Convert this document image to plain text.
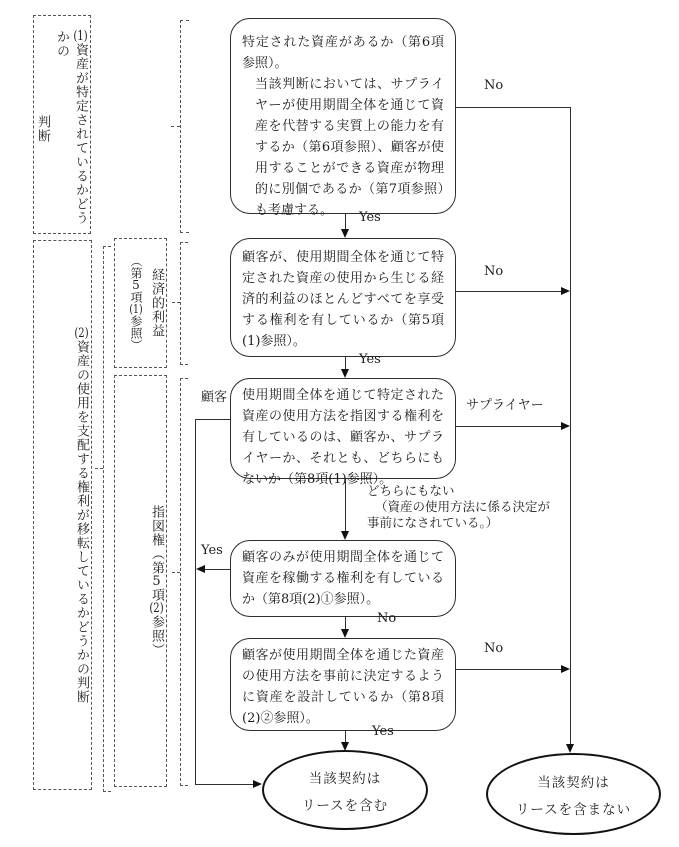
(1)資産が特定されているかどうかの
判断
(2)資産の使用を支配する権利が移転しているかどうかの判断
経済的利益
（第5項(1)参照）
指図権（第5項(2)参照）

特定された資産があるか（第6項参照）。

当該判断においては、サプライヤーが使用期間全体を通じて資産を代替する実質上の能力を有するか（第6項参照）、顧客が使用することができる資産が物理的に別個であるか（第7項参照）も考慮する。

顧客が、使用期間全体を通じて特定された資産の使用から生じる経済的利益のほとんどすべてを享受する権利を有しているか（第5項(1)参照）。

使用期間全体を通じて特定された資産の使用方法を指図する権利を有しているのは、顧客か、サプライヤーか、それとも、どちらにもないか（第8項(1)参照）。

顧客のみが使用期間全体を通じて資産を稼働する権利を有しているか（第8項(2)①参照）。

顧客が使用期間全体を通じた資産の使用方法を事前に決定するように資産を設計しているか（第8項(2)②参照）。

Yes
Yes
どちらにもない
（資産の使用方法に係る決定が
事前になされている。）
No
Yes
No
No
サプライヤー
No
顧客
Yes
当該契約は
リースを含む
当該契約は
リースを含まない
